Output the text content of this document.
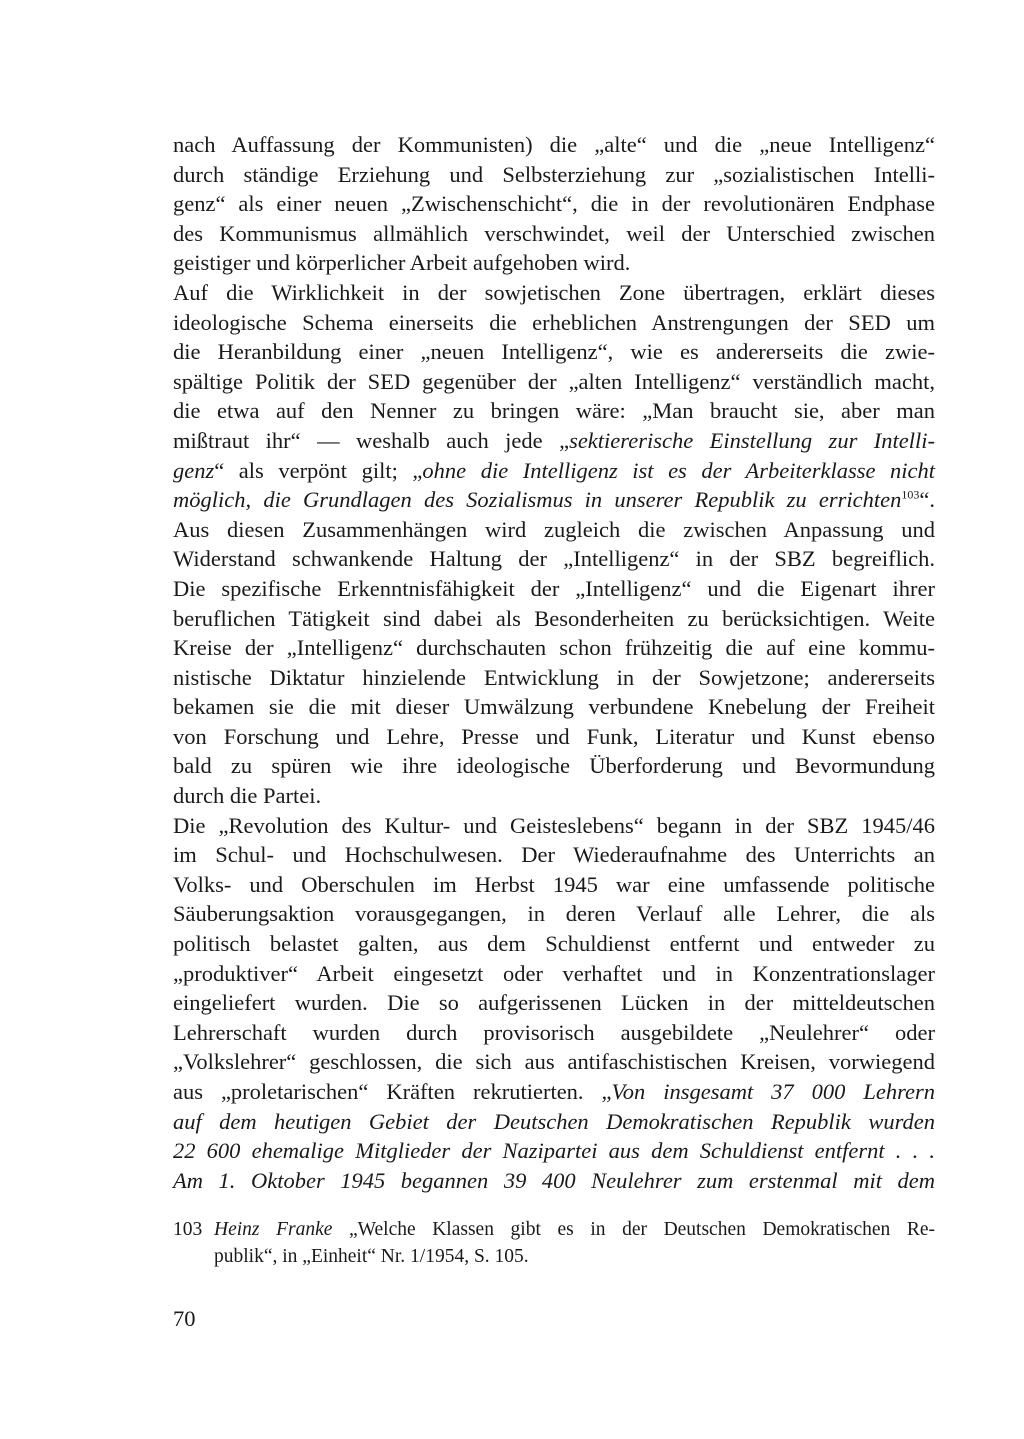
nach Auffassung der Kommunisten) die „alte“ und die „neue Intelligenz“
durch ständige Erziehung und Selbsterziehung zur „sozialistischen Intelli-
genz“ als einer neuen „Zwischenschicht“, die in der revolutionären Endphase
des Kommunismus allmählich verschwindet, weil der Unterschied zwischen
geistiger und körperlicher Arbeit aufgehoben wird.
Auf die Wirklichkeit in der sowjetischen Zone übertragen, erklärt dieses
ideologische Schema einerseits die erheblichen Anstrengungen der SED um
die Heranbildung einer „neuen Intelligenz“, wie es andererseits die zwie-
spältige Politik der SED gegenüber der „alten Intelligenz“ verständlich macht,
die etwa auf den Nenner zu bringen wäre: „Man braucht sie, aber man
mißtraut ihr“ — weshalb auch jede „sektiererische Einstellung zur Intelli-
genz“ als verpönt gilt; „ohne die Intelligenz ist es der Arbeiterklasse nicht
möglich, die Grundlagen des Sozialismus in unserer Republik zu errichten$^{103}$“.
Aus diesen Zusammenhängen wird zugleich die zwischen Anpassung und
Widerstand schwankende Haltung der „Intelligenz“ in der SBZ begreiflich.
Die spezifische Erkenntnisfähigkeit der „Intelligenz“ und die Eigenart ihrer
beruflichen Tätigkeit sind dabei als Besonderheiten zu berücksichtigen. Weite
Kreise der „Intelligenz“ durchschauten schon frühzeitig die auf eine kommu-
nistische Diktatur hinzielende Entwicklung in der Sowjetzone; andererseits
bekamen sie die mit dieser Umwälzung verbundene Knebelung der Freiheit
von Forschung und Lehre, Presse und Funk, Literatur und Kunst ebenso
bald zu spüren wie ihre ideologische Überforderung und Bevormundung
durch die Partei.
Die „Revolution des Kultur- und Geisteslebens“ begann in der SBZ 1945/46
im Schul- und Hochschulwesen. Der Wiederaufnahme des Unterrichts an
Volks- und Oberschulen im Herbst 1945 war eine umfassende politische
Säuberungsaktion vorausgegangen, in deren Verlauf alle Lehrer, die als
politisch belastet galten, aus dem Schuldienst entfernt und entweder zu
„produktiver“ Arbeit eingesetzt oder verhaftet und in Konzentrationslager
eingeliefert wurden. Die so aufgerissenen Lücken in der mitteldeutschen
Lehrerschaft wurden durch provisorisch ausgebildete „Neulehrer“ oder
„Volkslehrer“ geschlossen, die sich aus antifaschistischen Kreisen, vorwiegend
aus „proletarischen“ Kräften rekrutierten. „Von insgesamt 37 000 Lehrern
auf dem heutigen Gebiet der Deutschen Demokratischen Republik wurden
22 600 ehemalige Mitglieder der Nazipartei aus dem Schuldienst entfernt . . .
Am 1. Oktober 1945 begannen 39 400 Neulehrer zum erstenmal mit dem
103 Heinz Franke „Welche Klassen gibt es in der Deutschen Demokratischen Re-
publik“, in „Einheit“ Nr. 1/1954, S. 105.
70
